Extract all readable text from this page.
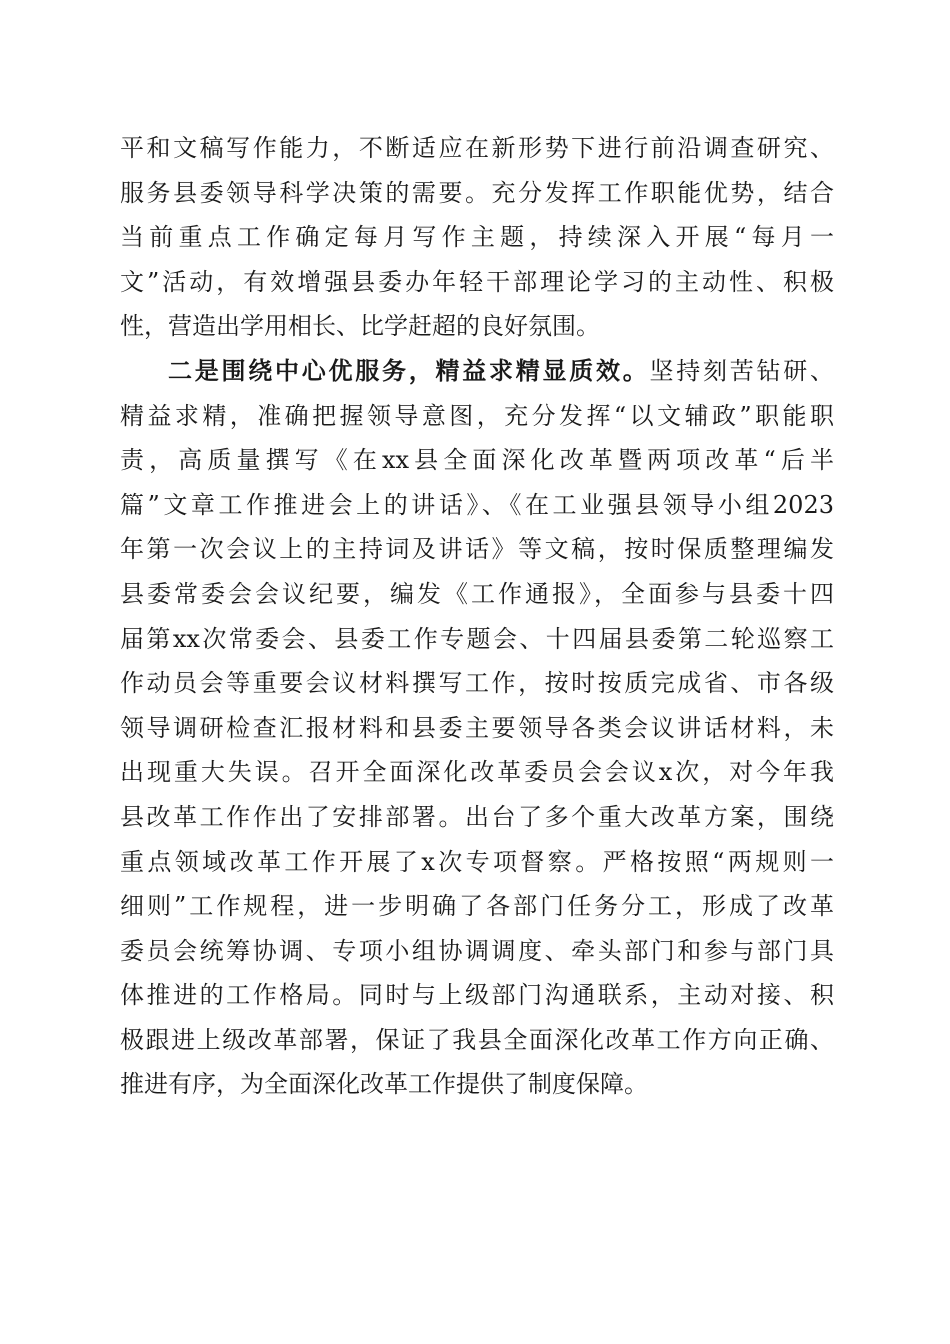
平和文稿写作能力，不断适应在新形势下进行前沿调查研究、
服务县委领导科学决策的需要。充分发挥工作职能优势，结合
当前重点工作确定每月写作主题，持续深入开展“每月一
文”活动，有效增强县委办年轻干部理论学习的主动性、积极
性，营造出学用相长、比学赶超的良好氛围。
二是围绕中心优服务，精益求精显质效。坚持刻苦钻研、
精益求精，准确把握领导意图，充分发挥“以文辅政”职能职
责，高质量撰写《在xx县全面深化改革暨两项改革“后半
篇”文章工作推进会上的讲话》、《在工业强县领导小组2023
年第一次会议上的主持词及讲话》等文稿，按时保质整理编发
县委常委会会议纪要，编发《工作通报》，全面参与县委十四
届第xx次常委会、县委工作专题会、十四届县委第二轮巡察工
作动员会等重要会议材料撰写工作，按时按质完成省、市各级
领导调研检查汇报材料和县委主要领导各类会议讲话材料，未
出现重大失误。召开全面深化改革委员会会议x次，对今年我
县改革工作作出了安排部署。出台了多个重大改革方案，围绕
重点领域改革工作开展了x次专项督察。严格按照“两规则一
细则”工作规程，进一步明确了各部门任务分工，形成了改革
委员会统筹协调、专项小组协调调度、牵头部门和参与部门具
体推进的工作格局。同时与上级部门沟通联系，主动对接、积
极跟进上级改革部署，保证了我县全面深化改革工作方向正确、
推进有序，为全面深化改革工作提供了制度保障。
